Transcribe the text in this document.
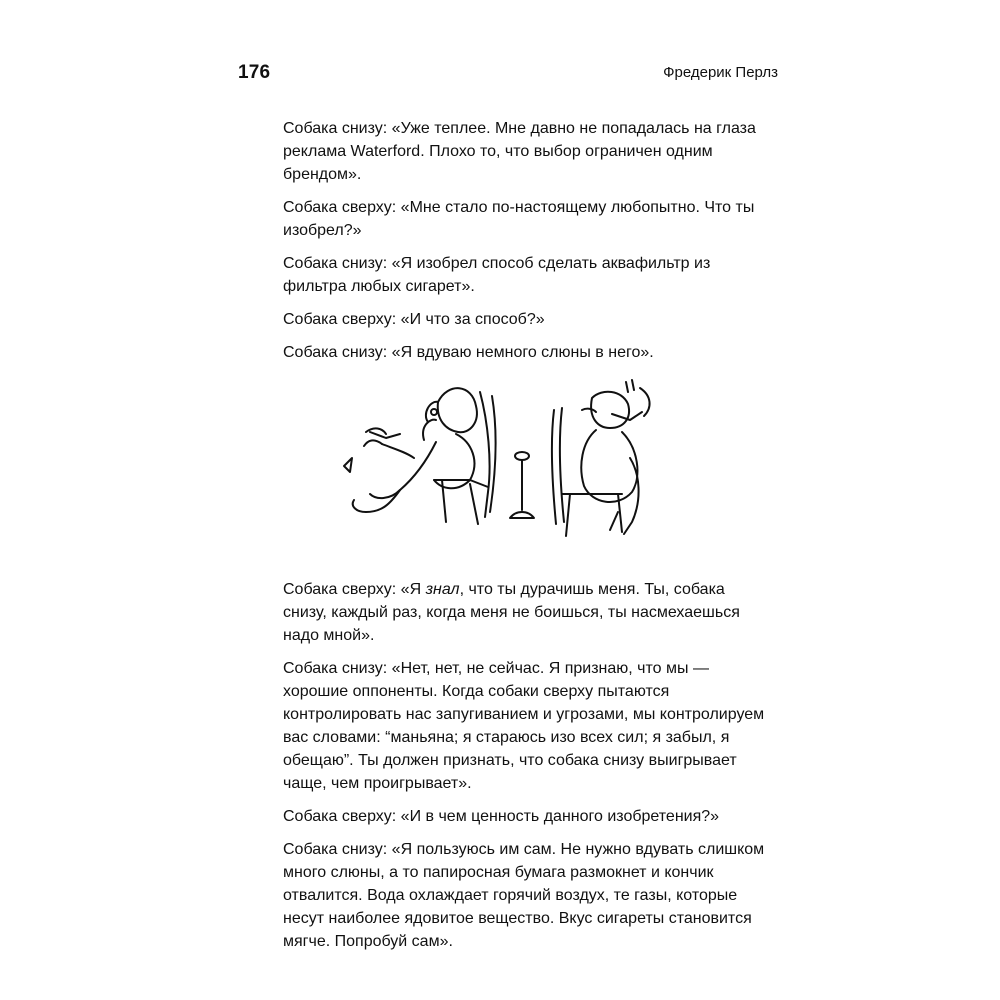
176	Фредерик Перлз

Собака снизу: «Уже теплее. Мне давно не попадалась на глаза реклама Waterford. Плохо то, что выбор ограничен одним брендом».

Собака сверху: «Мне стало по-настоящему любопытно. Что ты изобрел?»

Собака снизу: «Я изобрел способ сделать аквафильтр из фильтра любых сигарет».

Собака сверху: «И что за способ?»

Собака снизу: «Я вдуваю немного слюны в него».

Собака сверху: «Я знал, что ты дурачишь меня. Ты, собака снизу, каждый раз, когда меня не боишься, ты насмехаешься надо мной».

Собака снизу: «Нет, нет, не сейчас. Я признаю, что мы — хорошие оппоненты. Когда собаки сверху пытаются контролировать нас запугиванием и угрозами, мы контролируем вас словами: “маньяна; я стараюсь изо всех сил; я забыл, я обещаю”. Ты должен признать, что собака снизу выигрывает чаще, чем проигрывает».

Собака сверху: «И в чем ценность данного изобретения?»

Собака снизу: «Я пользуюсь им сам. Не нужно вдувать слишком много слюны, а то папиросная бумага размокнет и кончик отвалится. Вода охлаждает горячий воздух, те газы, которые несут наиболее ядовитое вещество. Вкус сигареты становится мягче. Попробуй сам».
